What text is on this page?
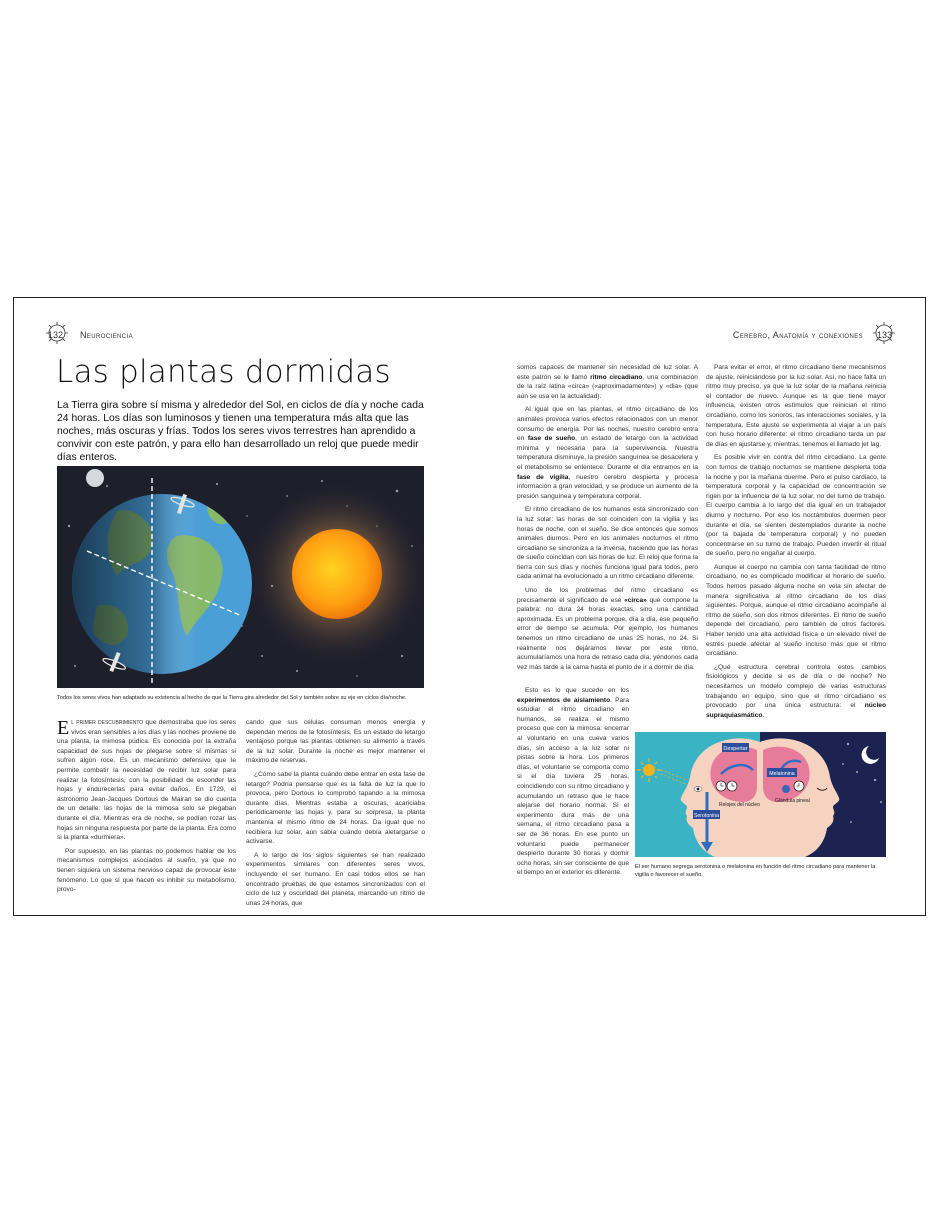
132 Neurociencia	Cerebro, Anatomía y conexiones 133
Las plantas dormidas
La Tierra gira sobre sí misma y alrededor del Sol, en ciclos de día y noche cada 24 horas. Los días son luminosos y tienen una temperatura más alta que las noches, más oscuras y frías. Todos los seres vivos terrestres han aprendido a convivir con este patrón, y para ello han desarrollado un reloj que puede medir días enteros.
Todos los seres vivos han adaptado su existencia al hecho de que la Tierra gira alrededor del Sol y también sobre su eje en ciclos día/noche.

El primer descubrimiento que demostraba que los seres vivos eran sensibles a los días y las noches proviene de una planta, la mimosa púdica. Es conocida por la extraña capacidad de sus hojas de plegarse sobre sí mismas si sufren algún roce. Es un mecanismo defensivo que le permite combatir la necesidad de recibir luz solar para realizar la fotosíntesis, con la posibilidad de esconder las hojas y endurecerlas para evitar daños. En 1729, el astrónomo Jean-Jacques Dortous de Mairan se dio cuenta de un detalle: las hojas de la mimosa solo se plegaban durante el día. Mientras era de noche, se podían rozar las hojas sin ninguna respuesta por parte de la planta. Era como si la planta «durmiera».

Por supuesto, en las plantas no podemos hablar de los mecanismos complejos asociados al sueño, ya que no tienen siquiera un sistema nervioso capaz de provocar este fenómeno. Lo que sí que hacen es inhibir su metabolismo, provo-

cando que sus células consuman menos energía y dependan menos de la fotosíntesis. Es un estado de letargo ventajoso porque las plantas obtienen su alimento a través de la luz solar. Durante la noche es mejor mantener el máximo de reservas.

¿Cómo sabe la planta cuándo debe entrar en esta fase de letargo? Podría pensarse que es la falta de luz la que lo provoca, pero Dortous lo comprobó tapando a la mimosa durante días. Mientras estaba a oscuras, acariciaba periódicamente las hojas y, para su sorpresa, la planta mantenía el mismo ritmo de 24 horas. Da igual que no recibiera luz solar, aún sabía cuándo debía aletargarse o activarse.

A lo largo de los siglos siguientes se han realizado experimentos similares con diferentes seres vivos, incluyendo el ser humano. En casi todos ellos se han encontrado pruebas de que estamos sincronizados con el ciclo de luz y oscuridad del planeta, marcando un ritmo de unas 24 horas, que

somos capaces de mantener sin necesidad de luz solar. A este patrón se le llamó ritmo circadiano, una combinación de la raíz latina «circa» («aproximadamente») y «dia» (que aún se usa en la actualidad).

Al igual que en las plantas, el ritmo circadiano de los animales provoca varios efectos relacionados con un menor consumo de energía. Por las noches, nuestro cerebro entra en fase de sueño, un estado de letargo con la actividad mínima y necesaria para la supervivencia. Nuestra temperatura disminuye, la presión sanguínea se desacelera y el metabolismo se enlentece. Durante el día entramos en la fase de vigilia, nuestro cerebro despierta y procesa información a gran velocidad, y se produce un aumento de la presión sanguínea y temperatura corporal.

El ritmo circadiano de los humanos está sincronizado con la luz solar: las horas de sol coinciden con la vigilia y las horas de noche, con el sueño. Se dice entonces que somos animales diurnos. Pero en los animales nocturnos el ritmo circadiano se sincroniza a la inversa, haciendo que las horas de sueño coincidan con las horas de luz. El reloj que forma la tierra con sus días y noches funciona igual para todos, pero cada animal ha evolucionado a un ritmo circadiano diferente.

Uno de los problemas del ritmo circadiano es precisamente el significado de ese «circa» que compone la palabra: no dura 24 horas exactas, sino una cantidad aproximada. Es un problema porque, día a día, ese pequeño error de tiempo se acumula. Por ejemplo, los humanos tenemos un ritmo circadiano de unas 25 horas, no 24. Si realmente nos dejáramos llevar por este ritmo, acumularíamos una hora de retraso cada día, yéndonos cada vez más tarde a la cama hasta el punto de ir a dormir de día.

Esto es lo que sucede en los experimentos de aislamiento. Para estudiar el ritmo circadiano en humanos, se realiza el mismo proceso que con la mimosa: encerrar al voluntario en una cueva varios días, sin acceso a la luz solar ni pistas sobre la hora. Los primeros días, el voluntario se comporta como si el día tuviera 25 horas, coincidiendo con su ritmo circadiano y acumulando un retraso que le hace alejarse del horario normal. Si el experimento dura más de una semana, el ritmo circadiano pasa a ser de 36 horas. En ese punto un voluntario puede permanecer despierto durante 30 horas y dormir ocho horas, sin ser consciente de que el tiempo en el exterior es diferente.

Para evitar el error, el ritmo circadiano tiene mecanismos de ajuste, reiniciándose por la luz solar. Así, no hace falta un ritmo muy preciso, ya que la luz solar de la mañana reinicia el contador de nuevo. Aunque es la que tiene mayor influencia, existen otros estímulos que reinician el ritmo circadiano, como los sonoros, las interacciones sociales, y la temperatura. Este ajuste se experimenta al viajar a un país con huso horario diferente: el ritmo circadiano tarda un par de días en ajustarse y, mientras, tenemos el llamado jet lag.

Es posible vivir en contra del ritmo circadiano. La gente con turnos de trabajo nocturnos se mantiene despierta toda la noche y por la mañana duerme. Pero el pulso cardiaco, la temperatura corporal y la capacidad de concentración se rigen por la influencia de la luz solar, no del turno de trabajo. El cuerpo cambia a lo largo del día igual en un trabajador diurno y nocturno. Por eso los noctámbulos duermen peor durante el día, se sienten destemplados durante la noche (por la bajada de temperatura corporal) y no pueden concentrarse en su turno de trabajo. Pueden invertir el ritual de sueño, pero no engañar al cuerpo.

Aunque el cuerpo no cambia con tanta facilidad de ritmo circadiano, no es complicado modificar el horario de sueño. Todos hemos pasado alguna noche en vela sin afectar de manera significativa al ritmo circadiano de los días siguientes. Porque, aunque el ritmo circadiano acompañe al ritmo de sueño, son dos ritmos diferentes. El ritmo de sueño depende del circadiano, pero también de otros factores. Haber tenido una alta actividad física o un elevado nivel de estrés puede afectar al sueño incluso más que el ritmo circadiano.

¿Qué estructura cerebral controla estos cambios fisiológicos y decide si es de día o de noche? No necesitamos un modelo complejo de varias estructuras trabajando en equipo, sino que el ritmo circadiano es provocado por una única estructura: el núcleo supraquiasmático.

Despertar
Relojes del núcleo
Serotonina
Melatonina
Glándula pineal
El ser humano segrega serotonina o melatonina en función del ritmo circadiano para mantener la vigilia o favorecer el sueño.
